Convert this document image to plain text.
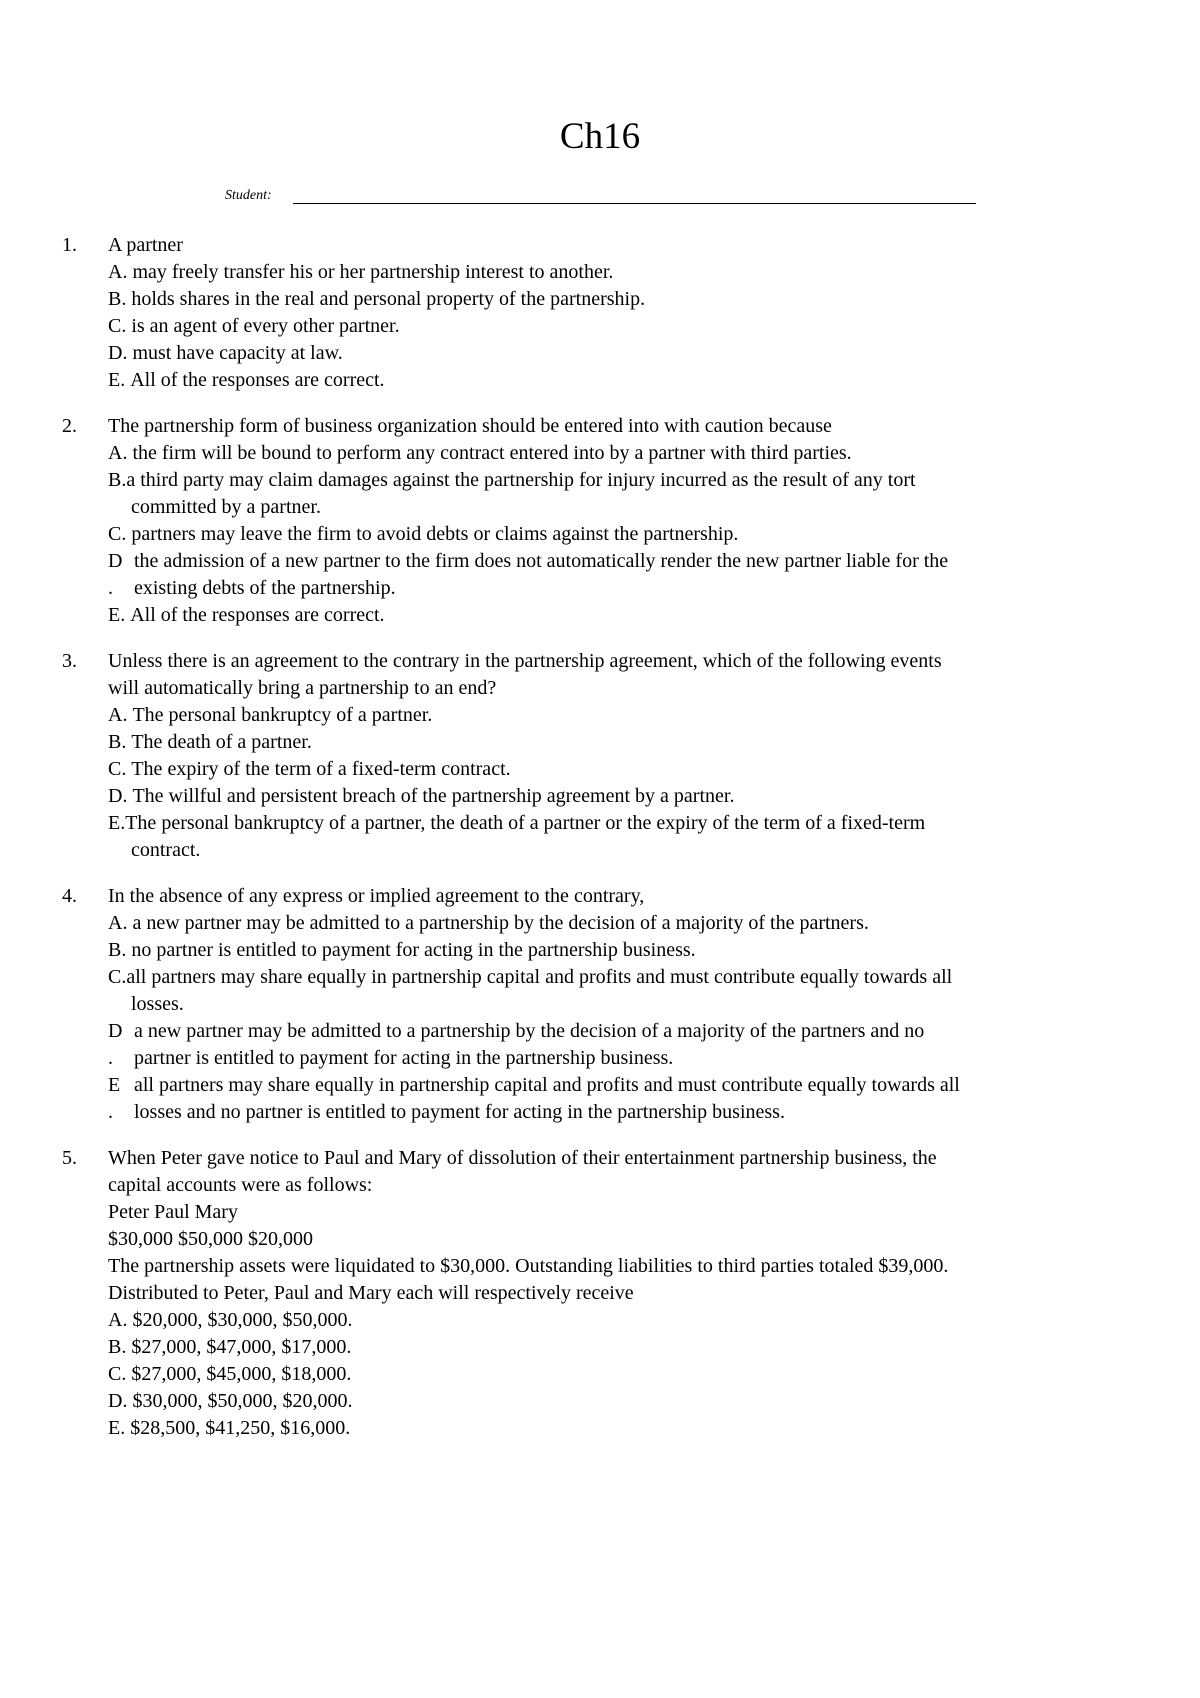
Ch16
Student:
1.	A partner
A.
may freely transfer his or her partnership interest to another.
B.
holds shares in the real and personal property of the partnership.
C.
is an agent of every other partner.
D.
must have capacity at law.
E.
All of the responses are correct.
2.	The partnership form of business organization should be entered into with caution because
A.
the firm will be bound to perform any contract entered into by a partner with third parties.
B. a third party may claim damages against the partnership for injury incurred as the result of any tort
committed by a partner.
C.
partners may leave the firm to avoid debts or claims against the partnership.
D the admission of a new partner to the firm does not automatically render the new partner liable for the
.	existing debts of the partnership.
E.
All of the responses are correct.
3.	Unless there is an agreement to the contrary in the partnership agreement, which of the following events
will automatically bring a partnership to an end?
A.
The personal bankruptcy of a partner.
B.
The death of a partner.
C.
The expiry of the term of a fixed-term contract.
D.
The willful and persistent breach of the partnership agreement by a partner.
E. The personal bankruptcy of a partner, the death of a partner or the expiry of the term of a fixed-term
contract.
4.	In the absence of any express or implied agreement to the contrary,
A.
a new partner may be admitted to a partnership by the decision of a majority of the partners.
B.
no partner is entitled to payment for acting in the partnership business.
C. all partners may share equally in partnership capital and profits and must contribute equally towards all
losses.
D a new partner may be admitted to a partnership by the decision of a majority of the partners and no
.	partner is entitled to payment for acting in the partnership business.
E all partners may share equally in partnership capital and profits and must contribute equally towards all
.	losses and no partner is entitled to payment for acting in the partnership business.
5.	When Peter gave notice to Paul and Mary of dissolution of their entertainment partnership business, the
capital accounts were as follows:
Peter Paul Mary
$30,000 $50,000 $20,000
The partnership assets were liquidated to $30,000. Outstanding liabilities to third parties totaled $39,000.
Distributed to Peter, Paul and Mary each will respectively receive
A.
$20,000, $30,000, $50,000.
B.
$27,000, $47,000, $17,000.
C.
$27,000, $45,000, $18,000.
D.
$30,000, $50,000, $20,000.
E.
$28,500, $41,250, $16,000.
